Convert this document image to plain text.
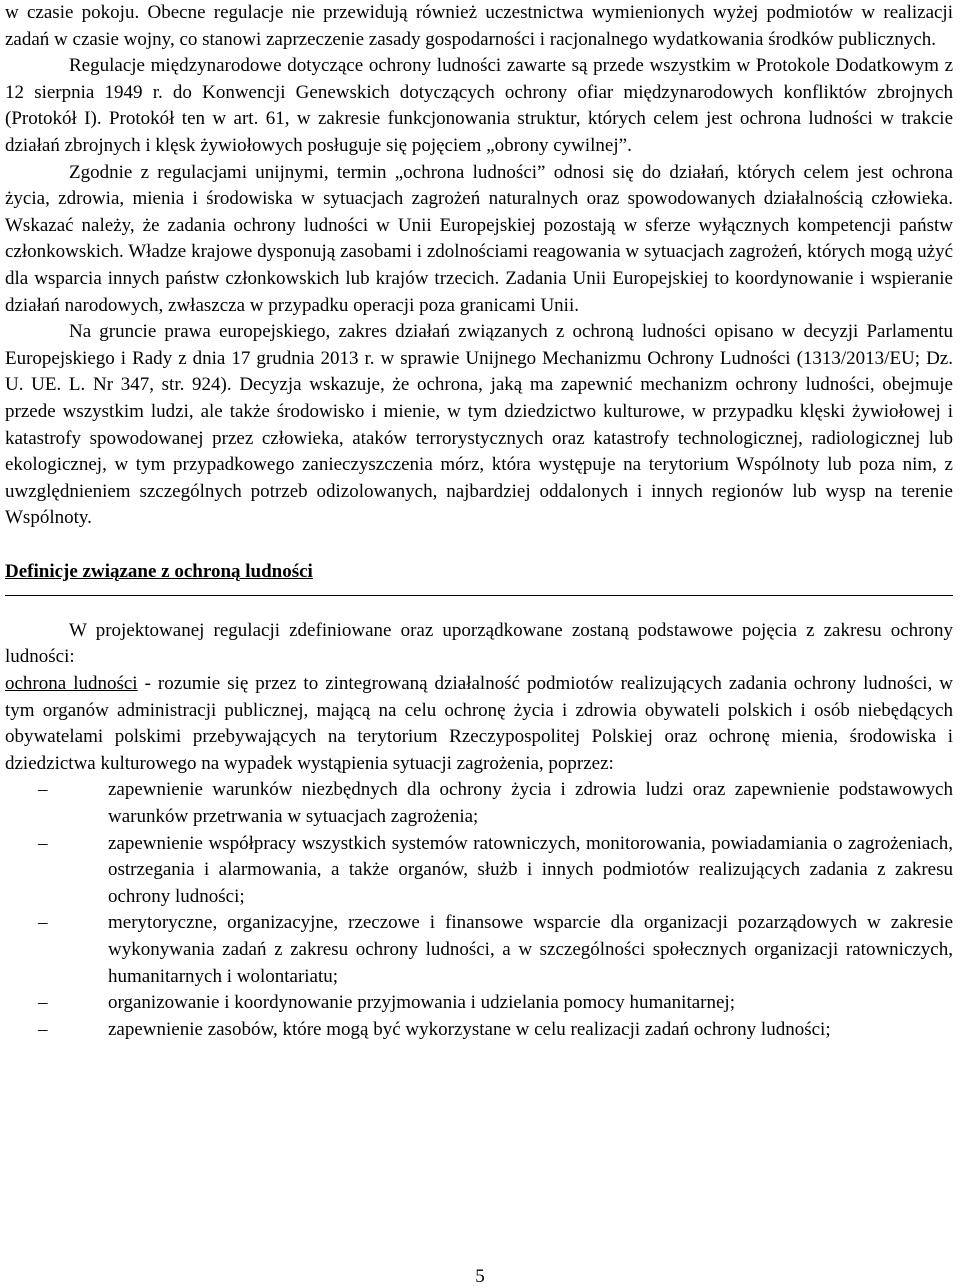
w czasie pokoju. Obecne regulacje nie przewidują również uczestnictwa wymienionych wyżej podmiotów w realizacji zadań w czasie wojny, co stanowi zaprzeczenie zasady gospodarności i racjonalnego wydatkowania środków publicznych.

Regulacje międzynarodowe dotyczące ochrony ludności zawarte są przede wszystkim w Protokole Dodatkowym z 12 sierpnia 1949 r. do Konwencji Genewskich dotyczących ochrony ofiar międzynarodowych konfliktów zbrojnych (Protokół I). Protokół ten w art. 61, w zakresie funkcjonowania struktur, których celem jest ochrona ludności w trakcie działań zbrojnych i klęsk żywiołowych posługuje się pojęciem „obrony cywilnej”.

Zgodnie z regulacjami unijnymi, termin „ochrona ludności” odnosi się do działań, których celem jest ochrona życia, zdrowia, mienia i środowiska w sytuacjach zagrożeń naturalnych oraz spowodowanych działalnością człowieka. Wskazać należy, że zadania ochrony ludności w Unii Europejskiej pozostają w sferze wyłącznych kompetencji państw członkowskich. Władze krajowe dysponują zasobami i zdolnościami reagowania w sytuacjach zagrożeń, których mogą użyć dla wsparcia innych państw członkowskich lub krajów trzecich. Zadania Unii Europejskiej to koordynowanie i wspieranie działań narodowych, zwłaszcza w przypadku operacji poza granicami Unii.

Na gruncie prawa europejskiego, zakres działań związanych z ochroną ludności opisano w decyzji Parlamentu Europejskiego i Rady z dnia 17 grudnia 2013 r. w sprawie Unijnego Mechanizmu Ochrony Ludności (1313/2013/EU; Dz. U. UE. L. Nr 347, str. 924). Decyzja wskazuje, że ochrona, jaką ma zapewnić mechanizm ochrony ludności, obejmuje przede wszystkim ludzi, ale także środowisko i mienie, w tym dziedzictwo kulturowe, w przypadku klęski żywiołowej i katastrofy spowodowanej przez człowieka, ataków terrorystycznych oraz katastrofy technologicznej, radiologicznej lub ekologicznej, w tym przypadkowego zanieczyszczenia mórz, która występuje na terytorium Wspólnoty lub poza nim, z uwzględnieniem szczególnych potrzeb odizolowanych, najbardziej oddalonych i innych regionów lub wysp na terenie Wspólnoty.

Definicje związane z ochroną ludności

W projektowanej regulacji zdefiniowane oraz uporządkowane zostaną podstawowe pojęcia z zakresu ochrony ludności:

ochrona ludności - rozumie się przez to zintegrowaną działalność podmiotów realizujących zadania ochrony ludności, w tym organów administracji publicznej, mającą na celu ochronę życia i zdrowia obywateli polskich i osób niebędących obywatelami polskimi przebywających na terytorium Rzeczypospolitej Polskiej oraz ochronę mienia, środowiska i dziedzictwa kulturowego na wypadek wystąpienia sytuacji zagrożenia, poprzez:

–	zapewnienie warunków niezbędnych dla ochrony życia i zdrowia ludzi oraz zapewnienie podstawowych warunków przetrwania w sytuacjach zagrożenia;
–	zapewnienie współpracy wszystkich systemów ratowniczych, monitorowania, powiadamiania o zagrożeniach, ostrzegania i alarmowania, a także organów, służb i innych podmiotów realizujących zadania z zakresu ochrony ludności;
–	merytoryczne, organizacyjne, rzeczowe i finansowe wsparcie dla organizacji pozarządowych w zakresie wykonywania zadań z zakresu ochrony ludności, a w szczególności społecznych organizacji ratowniczych, humanitarnych i wolontariatu;
–	organizowanie i koordynowanie przyjmowania i udzielania pomocy humanitarnej;
–	zapewnienie zasobów, które mogą być wykorzystane w celu realizacji zadań ochrony ludności;
5
